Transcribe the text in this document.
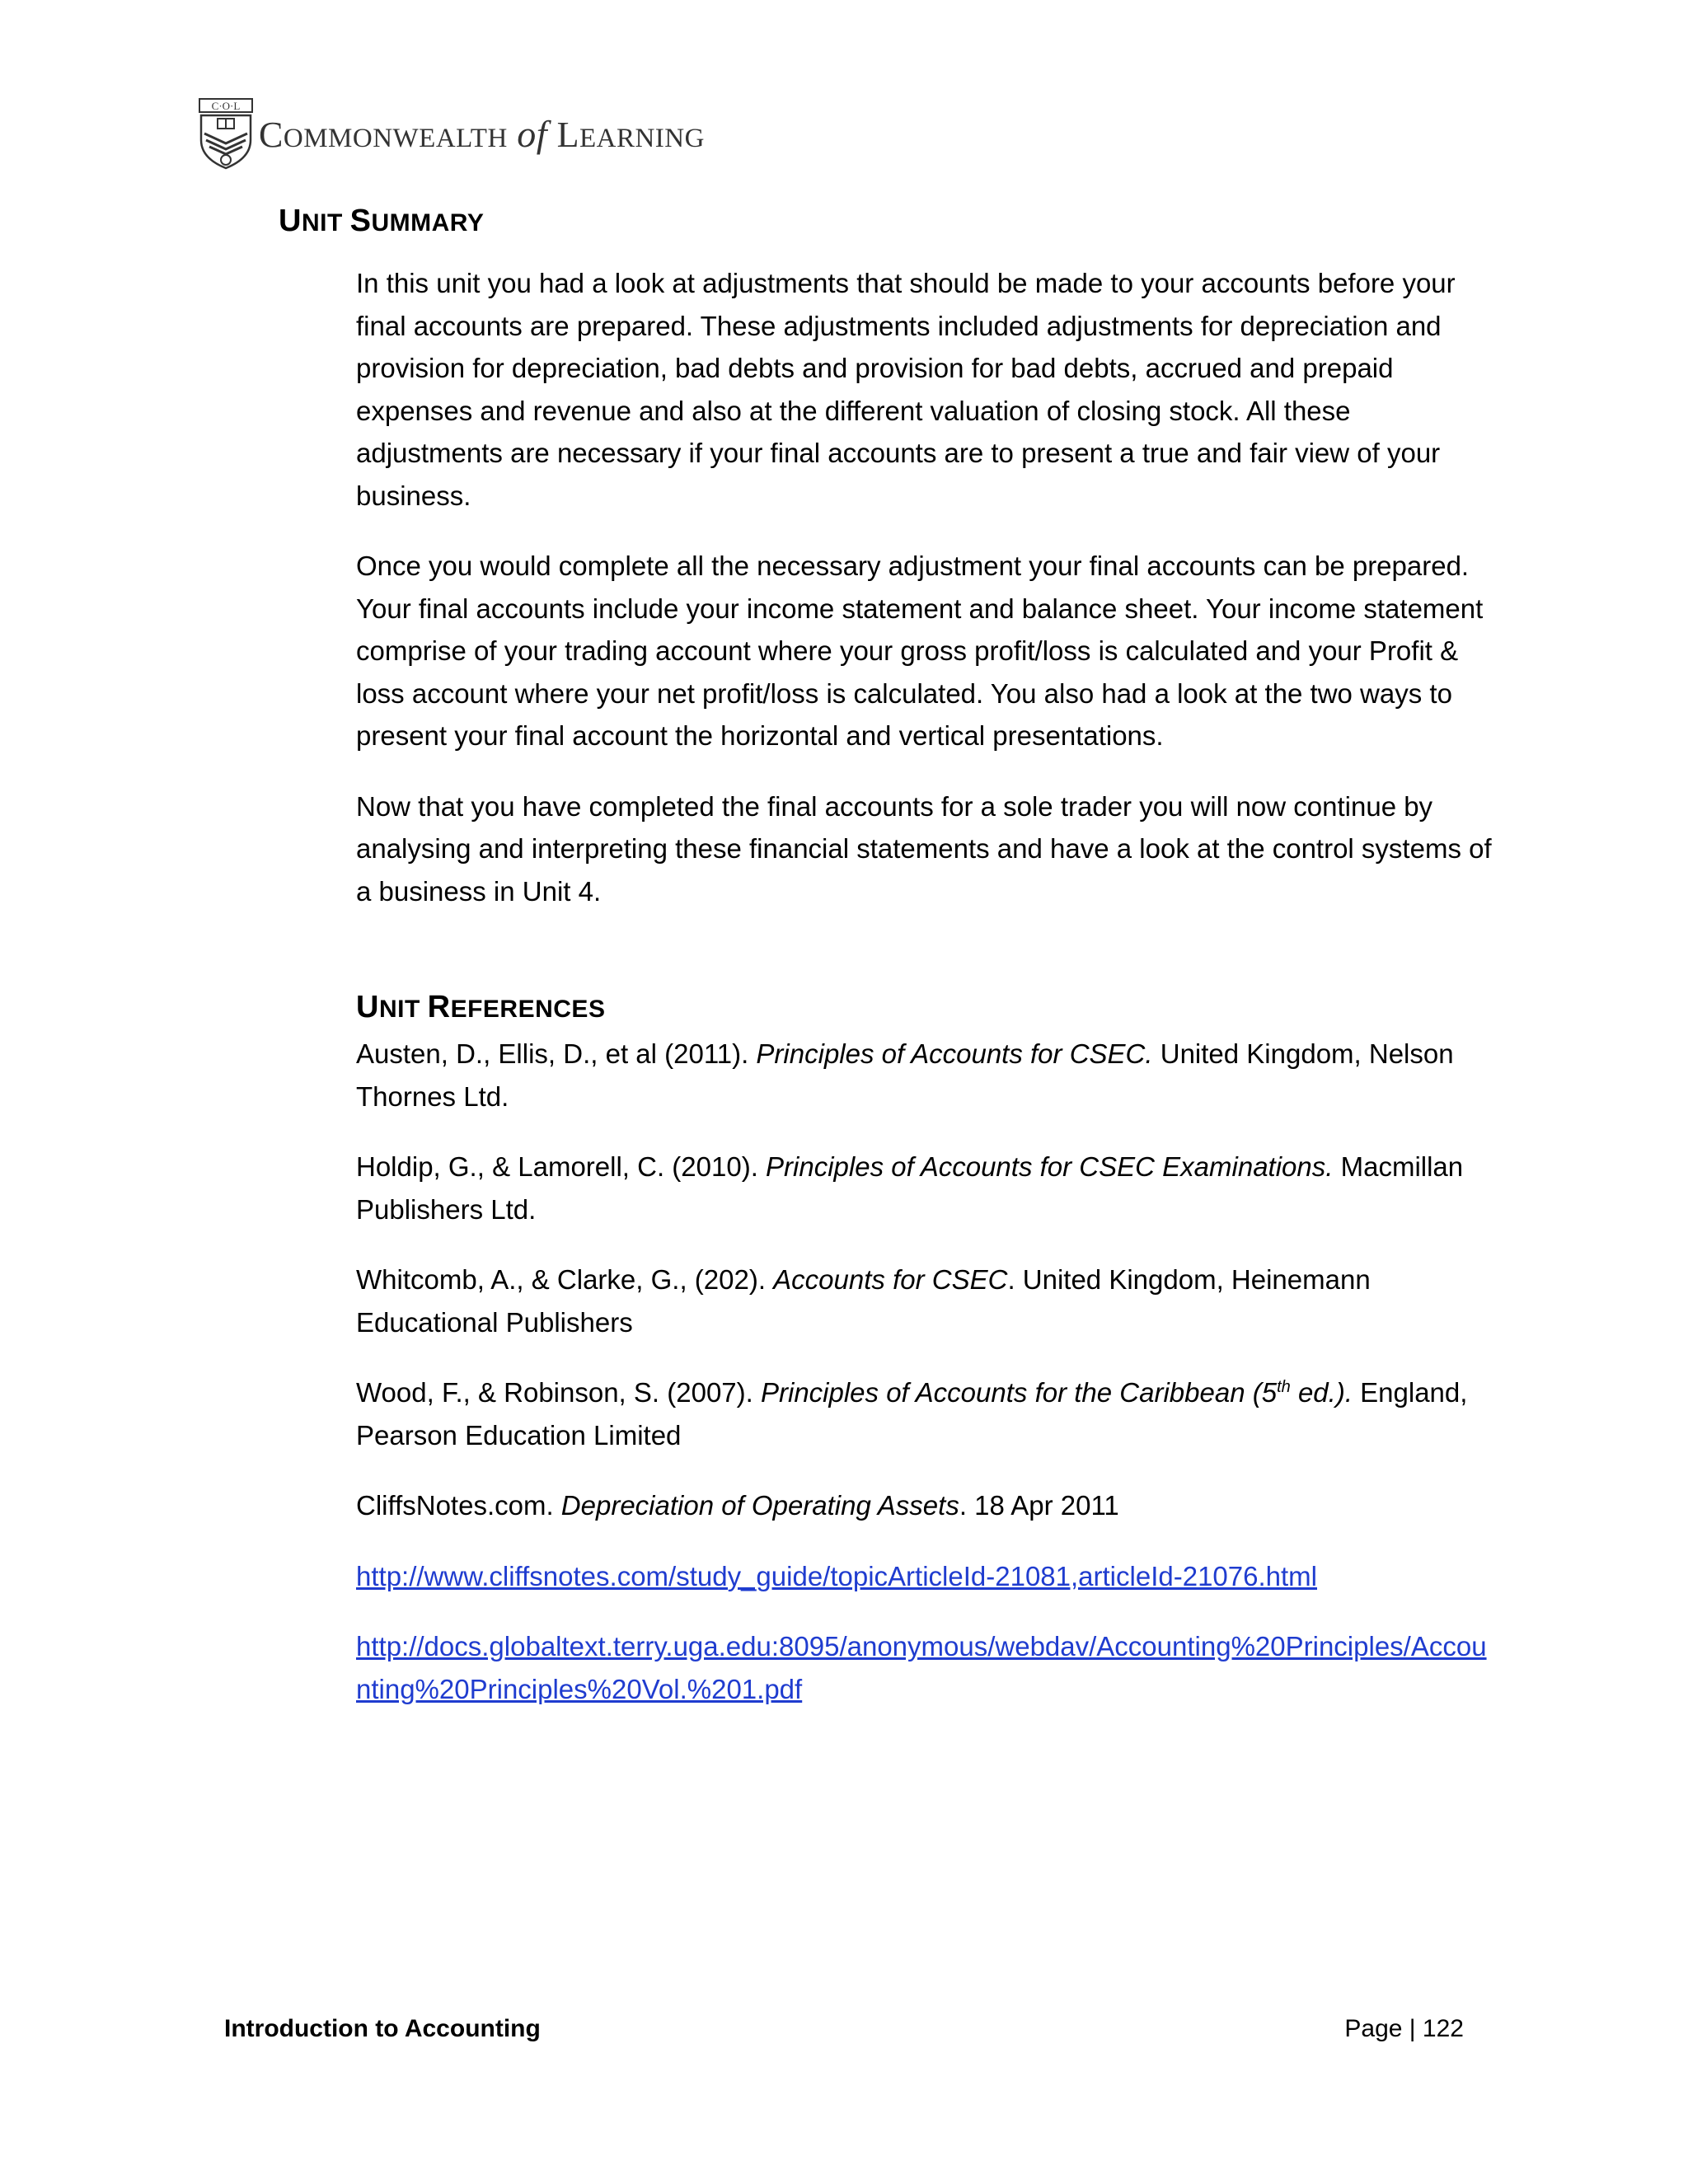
C·O·L
COMMONWEALTH of LEARNING
UNIT SUMMARY

In this unit you had a look at adjustments that should be made to your accounts before your final accounts are prepared. These adjustments included adjustments for depreciation and provision for depreciation, bad debts and provision for bad debts, accrued and prepaid expenses and revenue and also at the different valuation of closing stock. All these adjustments are necessary if your final accounts are to present a true and fair view of your business.

Once you would complete all the necessary adjustment your final accounts can be prepared. Your final accounts include your income statement and balance sheet. Your income statement comprise of your trading account where your gross profit/loss is calculated and your Profit & loss account where your net profit/loss is calculated. You also had a look at the two ways to present your final account the horizontal and vertical presentations.

Now that you have completed the final accounts for a sole trader you will now continue by analysing and interpreting these financial statements and have a look at the control systems of a business in Unit 4.

UNIT REFERENCES

Austen, D., Ellis, D., et al (2011). Principles of Accounts for CSEC. United Kingdom, Nelson Thornes Ltd.

Holdip, G., & Lamorell, C. (2010). Principles of Accounts for CSEC Examinations. Macmillan Publishers Ltd.

Whitcomb, A., & Clarke, G., (202). Accounts for CSEC. United Kingdom, Heinemann Educational Publishers

Wood, F., & Robinson, S. (2007). Principles of Accounts for the Caribbean (5th ed.). England, Pearson Education Limited

CliffsNotes.com. Depreciation of Operating Assets. 18 Apr 2011

http://www.cliffsnotes.com/study_guide/topicArticleId-21081,articleId-21076.html

http://docs.globaltext.terry.uga.edu:8095/anonymous/webdav/Accounting%20Principles/Accounting%20Principles%20Vol.%201.pdf

Introduction to Accounting	Page | 122
